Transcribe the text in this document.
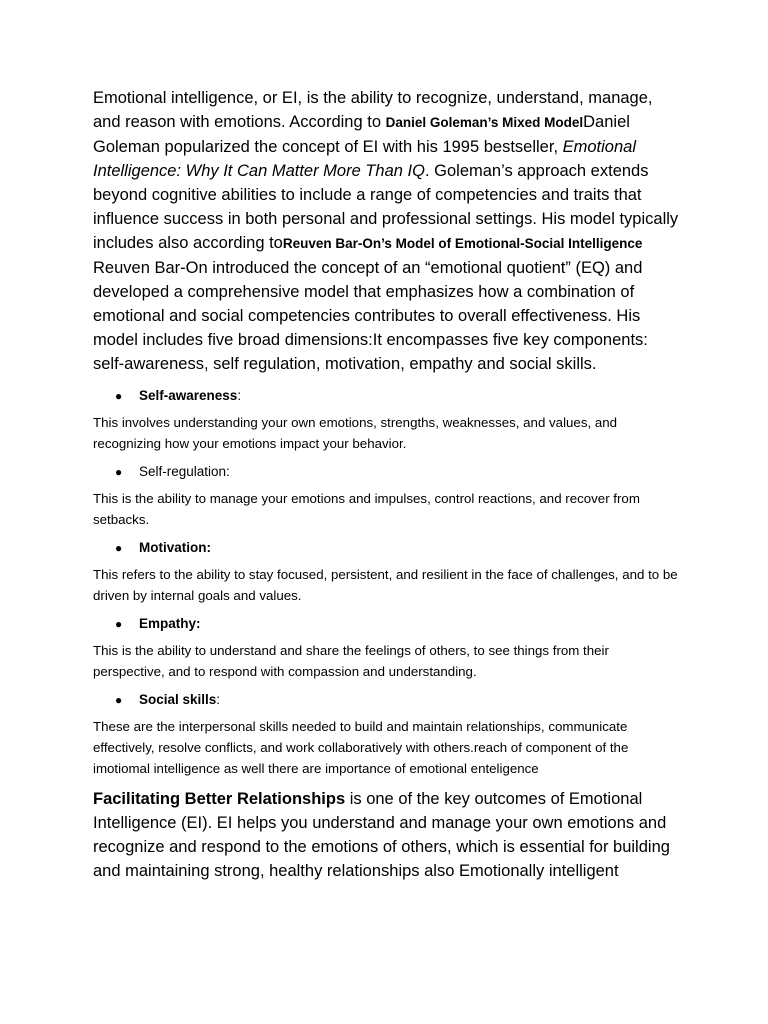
Emotional intelligence, or EI, is the ability to recognize, understand, manage, and reason with emotions. According to Daniel Goleman’s Mixed ModelDaniel Goleman popularized the concept of EI with his 1995 bestseller, Emotional Intelligence: Why It Can Matter More Than IQ. Goleman’s approach extends beyond cognitive abilities to include a range of competencies and traits that influence success in both personal and professional settings. His model typically includes also according toReuven Bar-On’s Model of Emotional-Social Intelligence Reuven Bar-On introduced the concept of an “emotional quotient” (EQ) and developed a comprehensive model that emphasizes how a combination of emotional and social competencies contributes to overall effectiveness. His model includes five broad dimensions:It encompasses five key components: self-awareness, self regulation, motivation, empathy and social skills.

●	Self-awareness:

This involves understanding your own emotions, strengths, weaknesses, and values, and recognizing how your emotions impact your behavior.

●	Self-regulation:

This is the ability to manage your emotions and impulses, control reactions, and recover from setbacks.

●	Motivation:

This refers to the ability to stay focused, persistent, and resilient in the face of challenges, and to be driven by internal goals and values.

●	Empathy:

This is the ability to understand and share the feelings of others, to see things from their perspective, and to respond with compassion and understanding.

●	Social skills:

These are the interpersonal skills needed to build and maintain relationships, communicate effectively, resolve conflicts, and work collaboratively with others.reach of component of the imotiomal intelligence as well there are importance of emotional enteligence

Facilitating Better Relationships is one of the key outcomes of Emotional Intelligence (EI). EI helps you understand and manage your own emotions and recognize and respond to the emotions of others, which is essential for building and maintaining strong, healthy relationships also Emotionally intelligent
